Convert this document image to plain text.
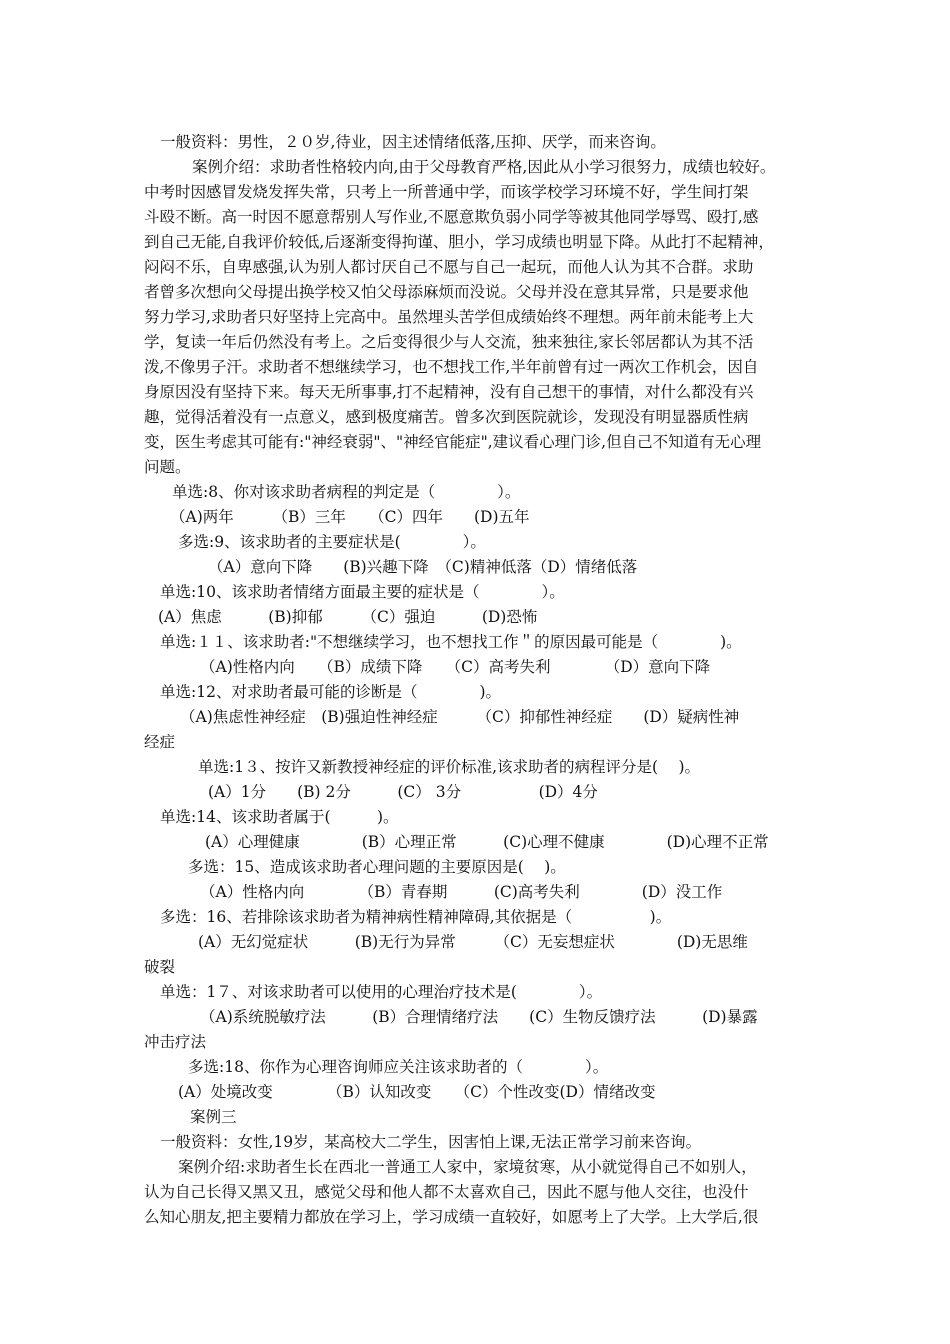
一般资料：男性，２０岁,待业，因主述情绪低落,压抑、厌学，而来咨询。
案例介绍：求助者性格较内向,由于父母教育严格,因此从小学习很努力，成绩也较好。
中考时因感冒发烧发挥失常，只考上一所普通中学，而该学校学习环境不好，学生间打架
斗殴不断。高一时因不愿意帮别人写作业,不愿意欺负弱小同学等被其他同学辱骂、殴打,感
到自己无能,自我评价较低,后逐渐变得拘谨、胆小，学习成绩也明显下降。从此打不起精神，
闷闷不乐，自卑感强,认为别人都讨厌自己不愿与自己一起玩，而他人认为其不合群。求助
者曾多次想向父母提出换学校又怕父母添麻烦而没说。父母并没在意其异常，只是要求他
努力学习,求助者只好坚持上完高中。虽然埋头苦学但成绩始终不理想。两年前未能考上大
学，复读一年后仍然没有考上。之后变得很少与人交流，独来独往,家长邻居都认为其不活
泼,不像男子汗。求助者不想继续学习，也不想找工作,半年前曾有过一两次工作机会，因自
身原因没有坚持下来。每天无所事事,打不起精神，没有自己想干的事情，对什么都没有兴
趣，觉得活着没有一点意义，感到极度痛苦。曾多次到医院就诊，发现没有明显器质性病
变，医生考虑其可能有:"神经衰弱"、"神经官能症",建议看心理门诊,但自己不知道有无心理
问题。
单选:8、你对该求助者病程的判定是（　　　　）。
（A)两年　　　（B）三年　　（C）四年　　(D)五年
多选:9、该求助者的主要症状是(　　　　）。
（A）意向下降　　(B)兴趣下降　（C)精神低落（D）情绪低落
单选:10、该求助者情绪方面最主要的症状是（　　　　）。
(A）焦虑　　　(B)抑郁　　　（C）强迫　　　(D)恐怖
单选:１１、该求助者:"不想继续学习，也不想找工作＂的原因最可能是（　　　　)。
（A)性格内向　　（B）成绩下降　　（C）高考失利　　　　（D）意向下降
单选:12、对求助者最可能的诊断是（　　　　)。
（A)焦虑性神经症　(B)强迫性神经症　　　（C）抑郁性神经症　　(D）疑病性神
经症
单选:1３、按许又新教授神经症的评价标准,该求助者的病程评分是(　 )。
(A）1分　　(B) 2分　　　(C） 3分　　　　　(D）4分
单选:14、该求助者属于(　　　)。
(A）心理健康　　　　(B）心理正常　　　(C)心理不健康　　　　(D)心理不正常
多选：15、造成该求助者心理问题的主要原因是(　 )。
（A）性格内向　　　　（B）青春期　　　(C)高考失利　　　　(D）没工作
多选：16、若排除该求助者为精神病性精神障碍,其依据是（　　　　　)。
(A）无幻觉症状　　　(B)无行为异常　　　（C）无妄想症状　　　　(D)无思维
破裂
单选：1７、对该求助者可以使用的心理治疗技术是(　　　　）。
（A)系统脱敏疗法　　　(B）合理情绪疗法　　(C）生物反馈疗法　　　(D)暴露
冲击疗法
多选:18、你作为心理咨询师应关注该求助者的（　　　　）。
(A）处境改变　　　　（B）认知改变　　（C）个性改变(D）情绪改变
案例三
一般资料：女性,19岁，某高校大二学生，因害怕上课,无法正常学习前来咨询。
案例介绍:求助者生长在西北一普通工人家中，家境贫寒，从小就觉得自己不如别人，
认为自己长得又黑又丑，感觉父母和他人都不太喜欢自己，因此不愿与他人交往，也没什
么知心朋友,把主要精力都放在学习上，学习成绩一直较好，如愿考上了大学。上大学后,很
